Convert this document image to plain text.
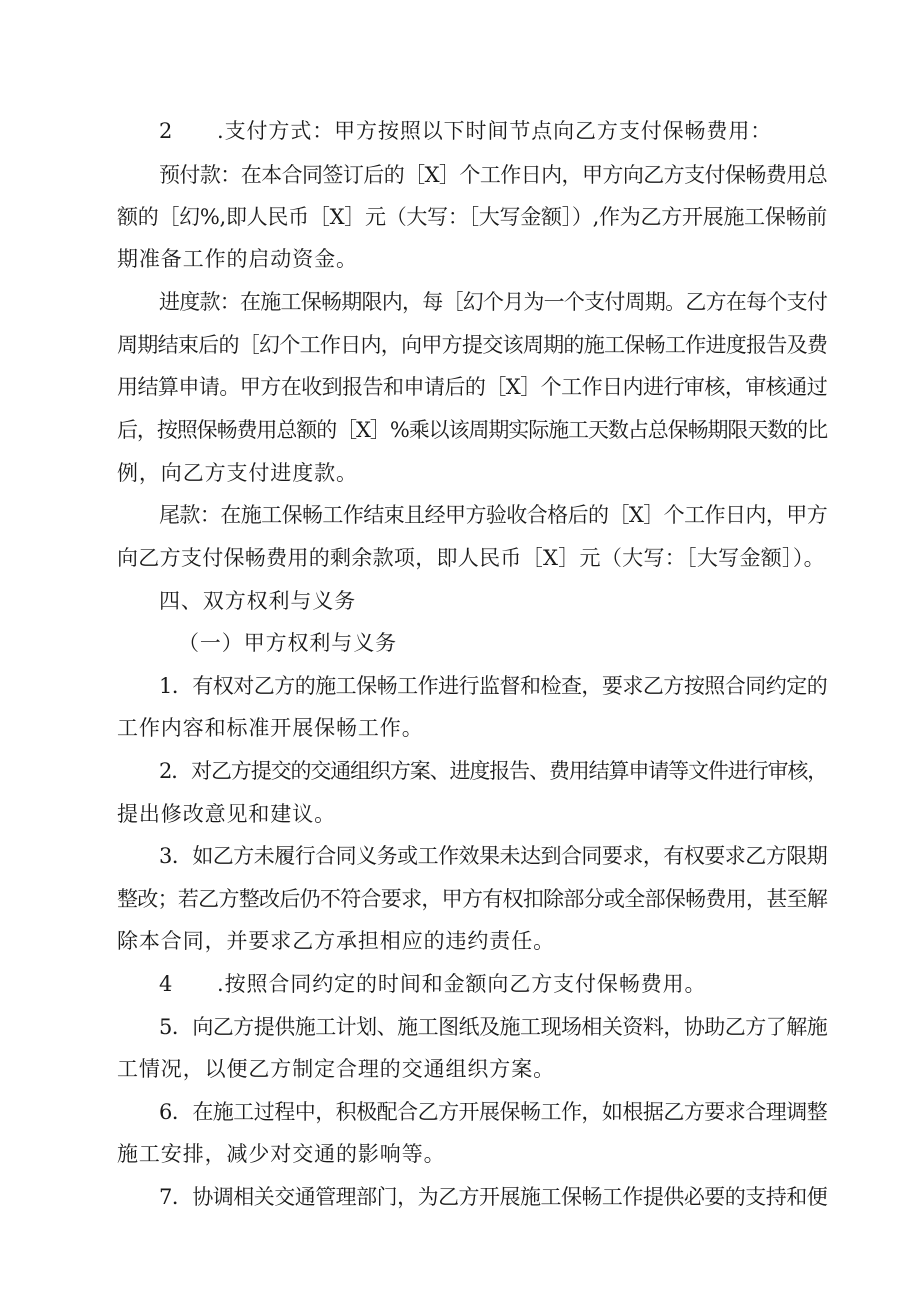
2　　.支付方式：甲方按照以下时间节点向乙方支付保畅费用：
预付款：在本合同签订后的［X］个工作日内，甲方向乙方支付保畅费用总
额的［幻%,即人民币［X］元（大写：［大写金额］）,作为乙方开展施工保畅前
期准备工作的启动资金。
进度款：在施工保畅期限内，每［幻个月为一个支付周期。乙方在每个支付
周期结束后的［幻个工作日内，向甲方提交该周期的施工保畅工作进度报告及费
用结算申请。甲方在收到报告和申请后的［X］个工作日内进行审核，审核通过
后，按照保畅费用总额的［X］%乘以该周期实际施工天数占总保畅期限天数的比
例，向乙方支付进度款。
尾款：在施工保畅工作结束且经甲方验收合格后的［X］个工作日内，甲方
向乙方支付保畅费用的剩余款项，即人民币［X］元（大写：［大写金额］）。
四、双方权利与义务
（一）甲方权利与义务
1．有权对乙方的施工保畅工作进行监督和检查，要求乙方按照合同约定的
工作内容和标准开展保畅工作。
2．对乙方提交的交通组织方案、进度报告、费用结算申请等文件进行审核，
提出修改意见和建议。
3．如乙方未履行合同义务或工作效果未达到合同要求，有权要求乙方限期
整改；若乙方整改后仍不符合要求，甲方有权扣除部分或全部保畅费用，甚至解
除本合同，并要求乙方承担相应的违约责任。
4　　.按照合同约定的时间和金额向乙方支付保畅费用。
5．向乙方提供施工计划、施工图纸及施工现场相关资料，协助乙方了解施
工情况，以便乙方制定合理的交通组织方案。
6．在施工过程中，积极配合乙方开展保畅工作，如根据乙方要求合理调整
施工安排，减少对交通的影响等。
7．协调相关交通管理部门，为乙方开展施工保畅工作提供必要的支持和便
